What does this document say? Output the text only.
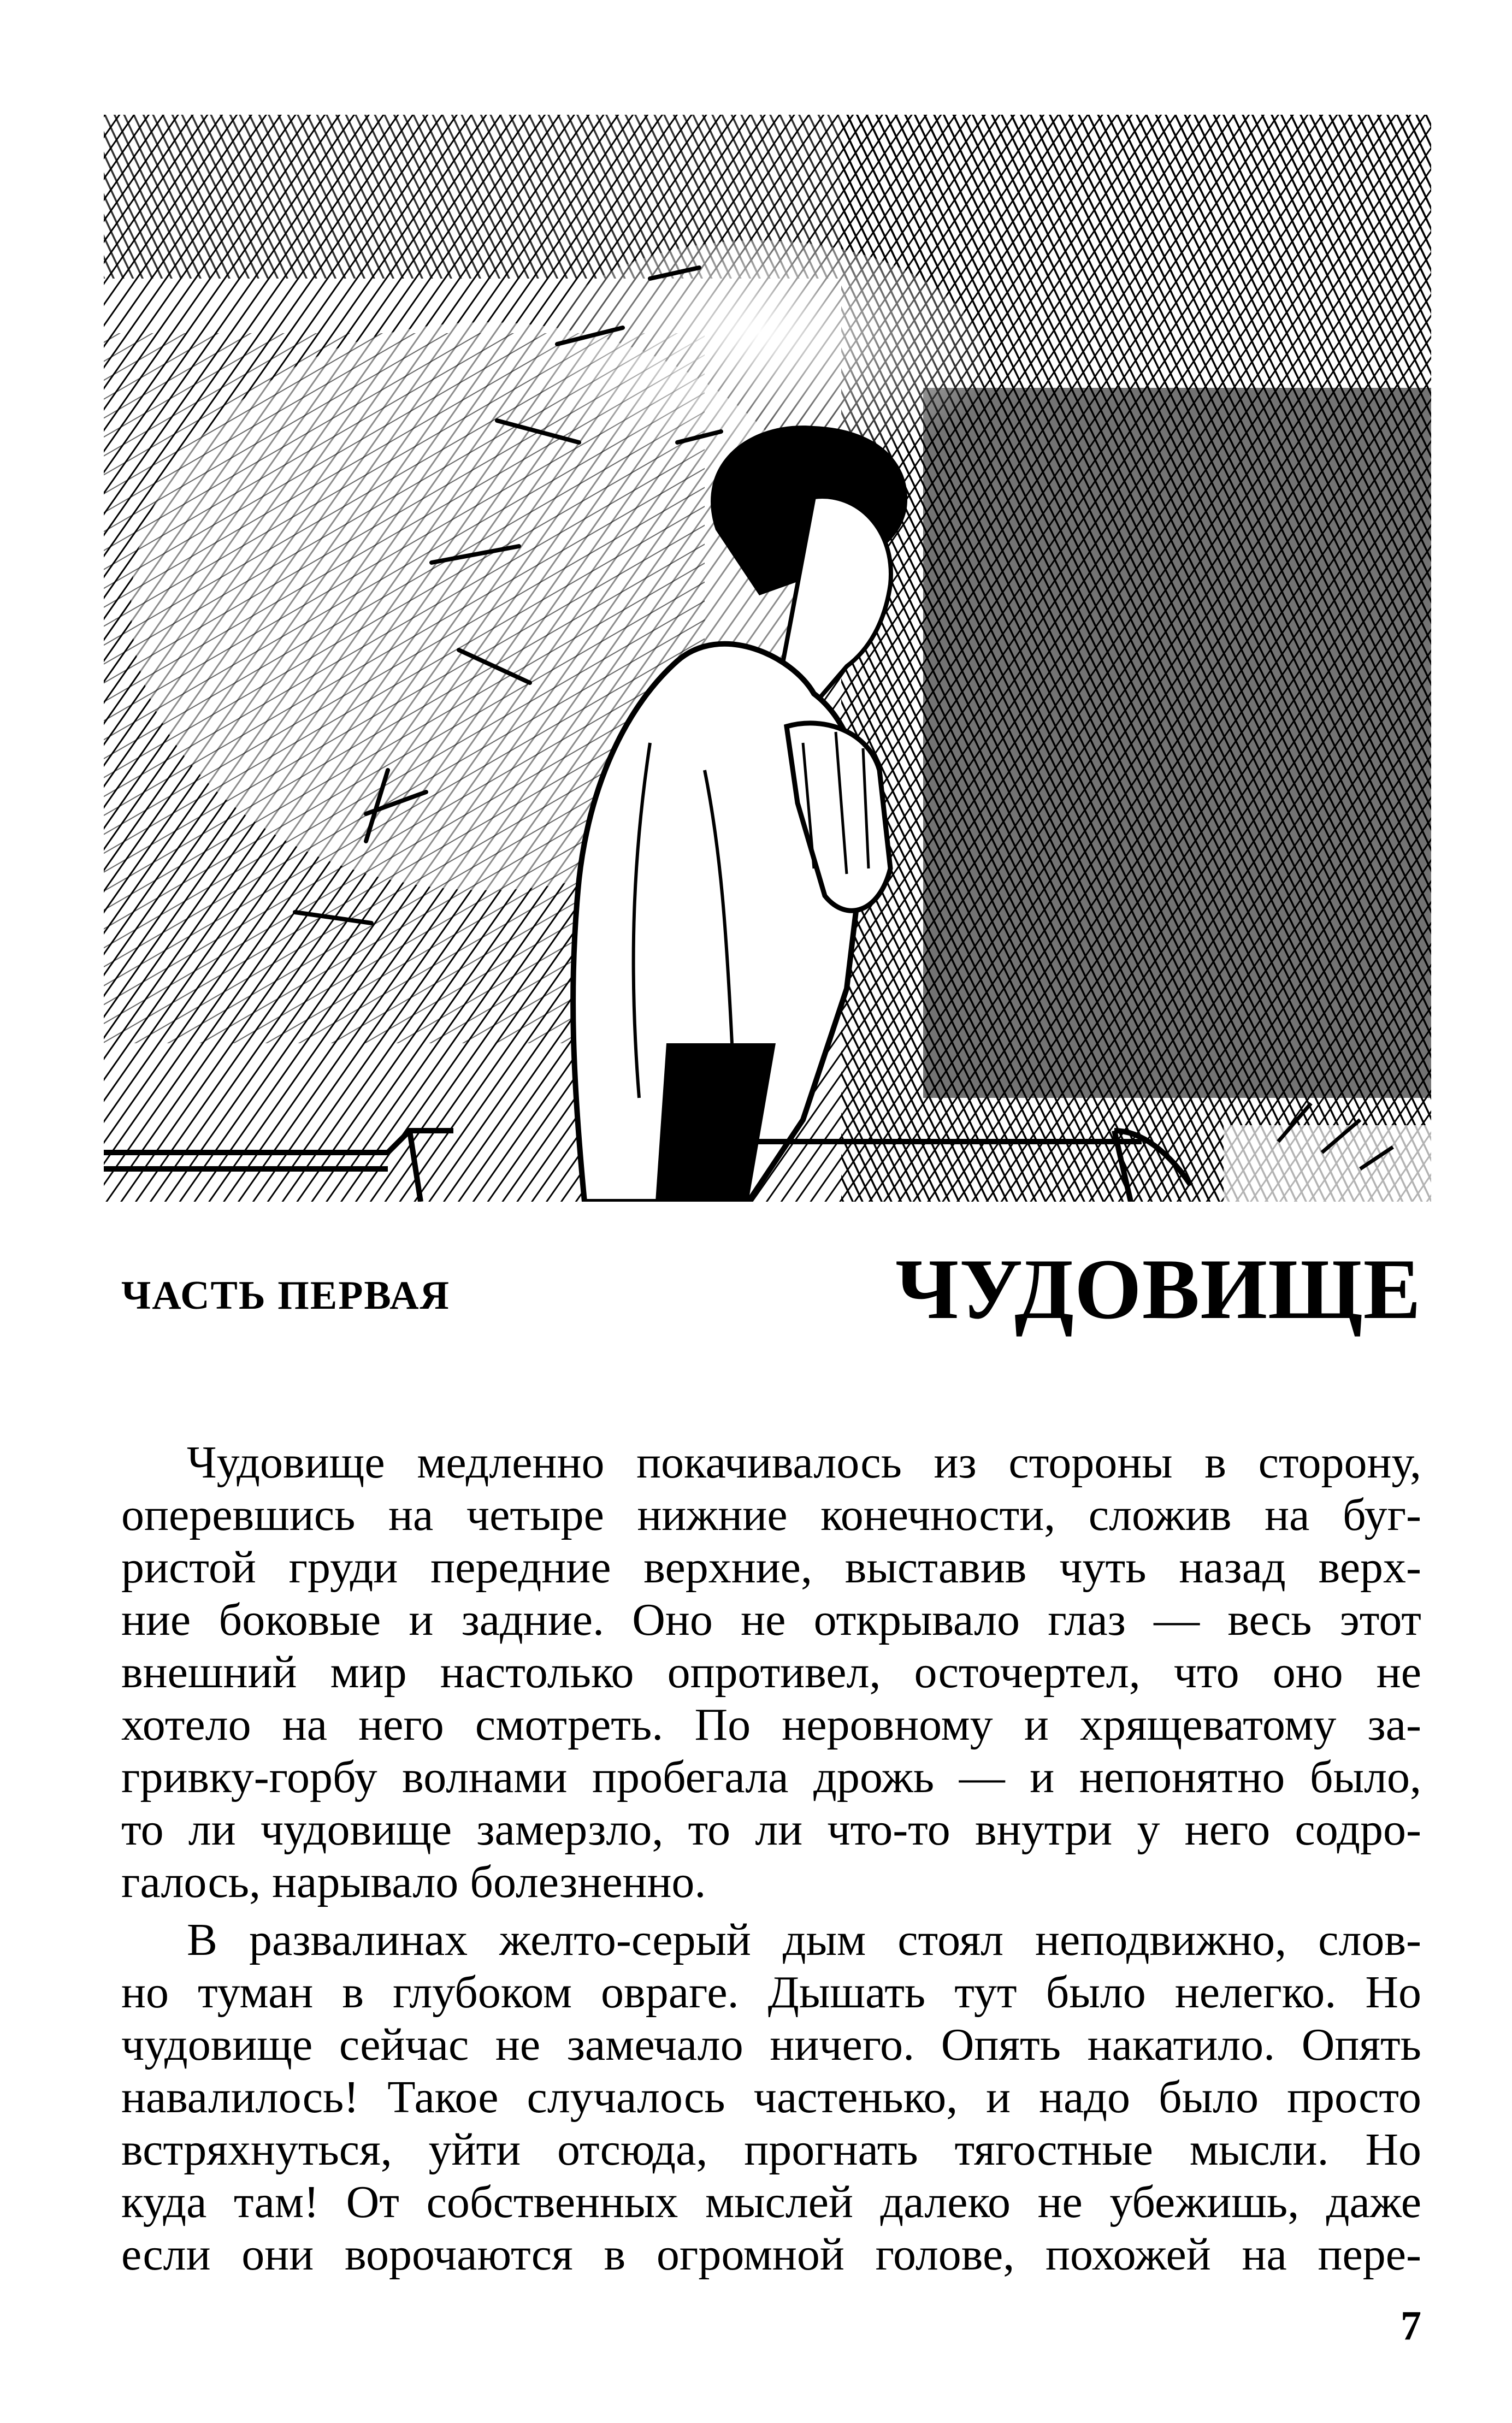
ЧАСТЬ ПЕРВАЯ	ЧУДОВИЩЕ
Чудовище медленно покачивалось из стороны в сторону,
оперевшись на четыре нижние конечности, сложив на буг-
ристой груди передние верхние, выставив чуть назад верх-
ние боковые и задние. Оно не открывало глаз — весь этот
внешний мир настолько опротивел, осточертел, что оно не
хотело на него смотреть. По неровному и хрящеватому за-
гривку-горбу волнами пробегала дрожь — и непонятно было,
то ли чудовище замерзло, то ли что-то внутри у него содро-
галось, нарывало болезненно.
В развалинах желто-серый дым стоял неподвижно, слов-
но туман в глубоком овраге. Дышать тут было нелегко. Но
чудовище сейчас не замечало ничего. Опять накатило. Опять
навалилось! Такое случалось частенько, и надо было просто
встряхнуться, уйти отсюда, прогнать тягостные мысли. Но
куда там! От собственных мыслей далеко не убежишь, даже
если они ворочаются в огромной голове, похожей на пере-
7
